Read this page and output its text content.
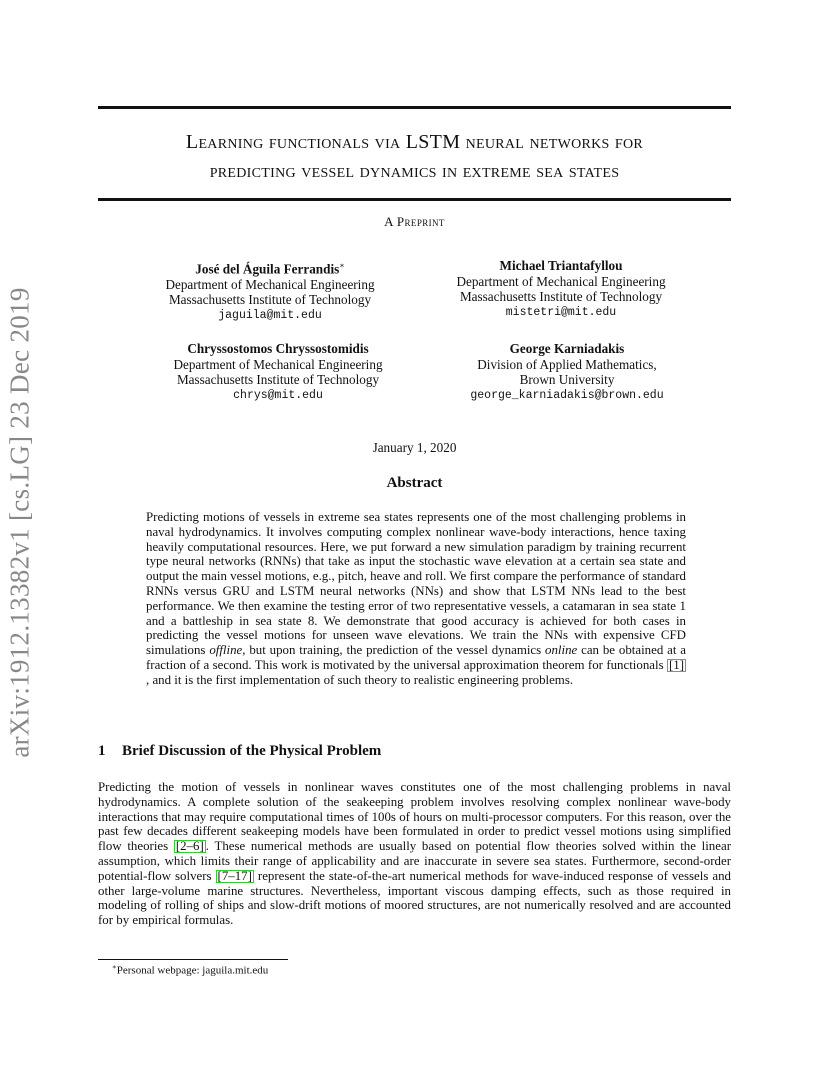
arXiv:1912.13382v1 [cs.LG] 23 Dec 2019
Learning functionals via LSTM neural networks for
predicting vessel dynamics in extreme sea states
A Preprint
José del Águila Ferrandis∗
Department of Mechanical Engineering
Massachusetts Institute of Technology
jaguila@mit.edu
Michael Triantafyllou
Department of Mechanical Engineering
Massachusetts Institute of Technology
mistetri@mit.edu
Chryssostomos Chryssostomidis
Department of Mechanical Engineering
Massachusetts Institute of Technology
chrys@mit.edu
George Karniadakis
Division of Applied Mathematics,
Brown University
george_karniadakis@brown.edu
January 1, 2020
Abstract

Predicting motions of vessels in extreme sea states represents one of the most challenging problems in naval hydrodynamics. It involves computing complex nonlinear wave-body interactions, hence taxing heavily computational resources. Here, we put forward a new simulation paradigm by training recurrent type neural networks (RNNs) that take as input the stochastic wave elevation at a certain sea state and output the main vessel motions, e.g., pitch, heave and roll. We first compare the performance of standard RNNs versus GRU and LSTM neural networks (NNs) and show that LSTM NNs lead to the best performance. We then examine the testing error of two representative vessels, a catamaran in sea state 1 and a battleship in sea state 8. We demonstrate that good accuracy is achieved for both cases in predicting the vessel motions for unseen wave elevations. We train the NNs with expensive CFD simulations offline, but upon training, the prediction of the vessel dynamics online can be obtained at a fraction of a second. This work is motivated by the universal approximation theorem for functionals [1], and it is the first implementation of such theory to realistic engineering problems.

1 Brief Discussion of the Physical Problem

Predicting the motion of vessels in nonlinear waves constitutes one of the most challenging problems in naval hydrodynamics. A complete solution of the seakeeping problem involves resolving complex nonlinear wave-body interactions that may require computational times of 100s of hours on multi-processor computers. For this reason, over the past few decades different seakeeping models have been formulated in order to predict vessel motions using simplified flow theories [2–6] . These numerical methods are usually based on potential flow theories solved within the linear assumption, which limits their range of applicability and are inaccurate in severe sea states. Furthermore, second-order potential-flow solvers [7–17] represent the state-of-the-art numerical methods for wave-induced response of vessels and other large-volume marine structures. Nevertheless, important viscous damping effects, such as those required in modeling of rolling of ships and slow-drift motions of moored structures, are not numerically resolved and are accounted for by empirical formulas.

∗Personal webpage: jaguila.mit.edu
